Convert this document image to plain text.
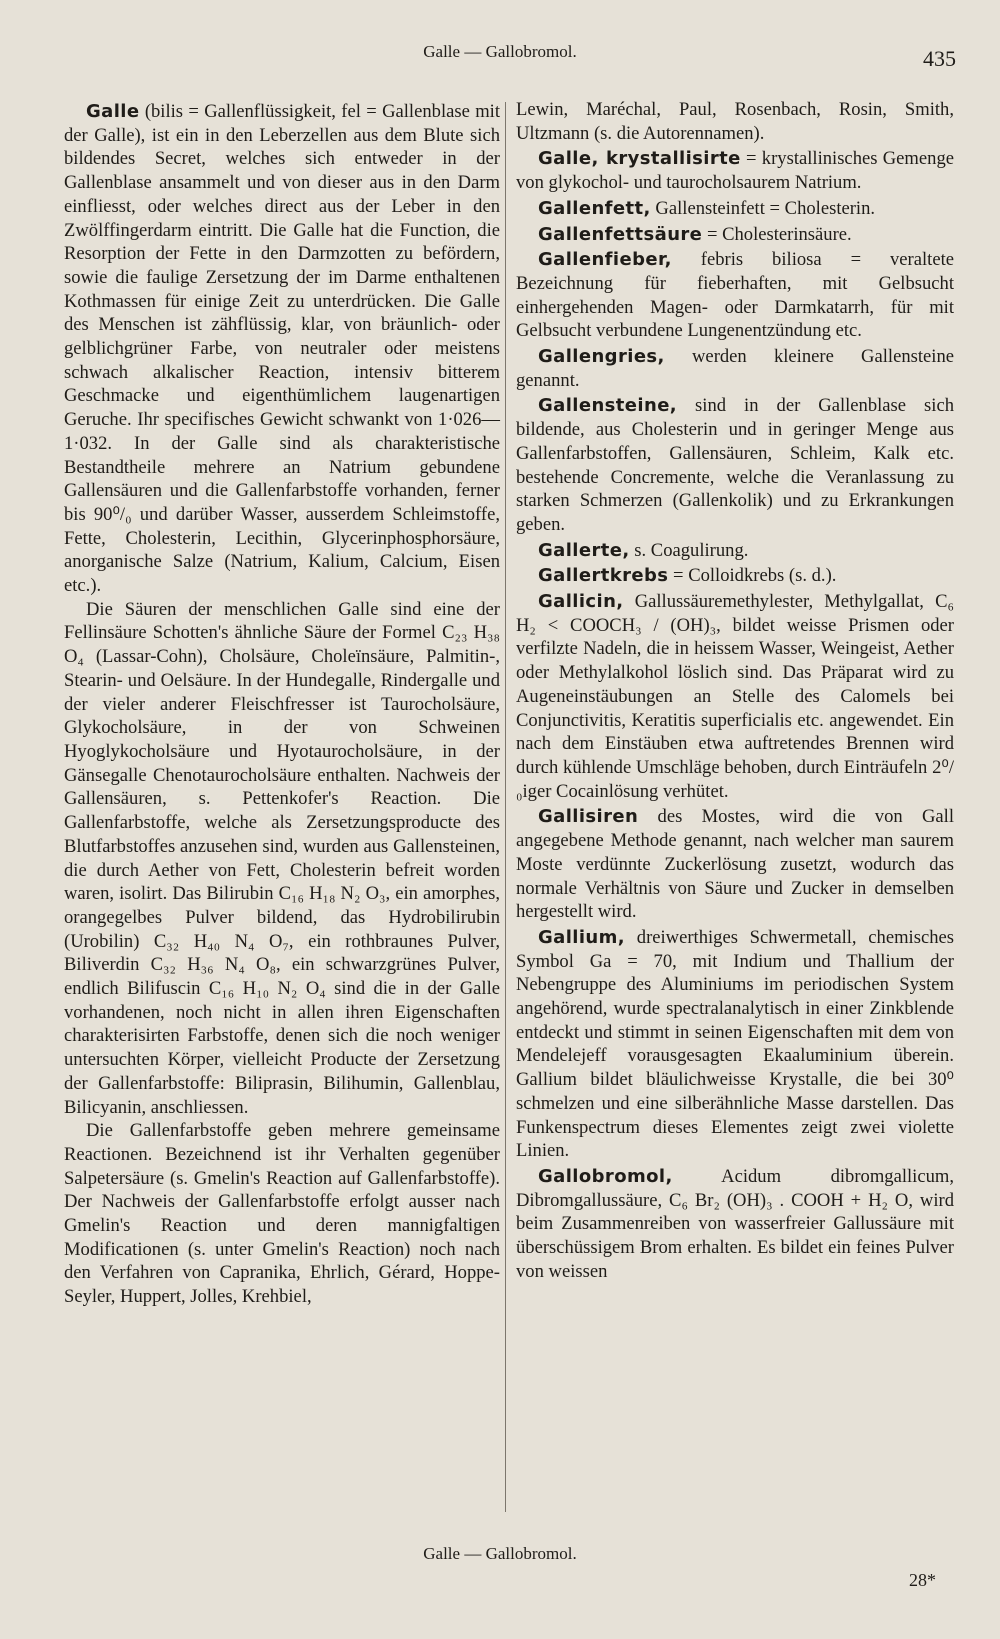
Galle — Gallobromol.	435

Galle (bilis = Gallenflüssigkeit, fel = Gallenblase mit der Galle), ist ein in den Leberzellen aus dem Blute sich bildendes Secret, welches sich entweder in der Gallenblase ansammelt und von dieser aus in den Darm einfliesst, oder welches direct aus der Leber in den Zwölffingerdarm eintritt. Die Galle hat die Function, die Resorption der Fette in den Darmzotten zu befördern, sowie die faulige Zersetzung der im Darme enthaltenen Kothmassen für einige Zeit zu unterdrücken. Die Galle des Menschen ist zähflüssig, klar, von bräunlich- oder gelblichgrüner Farbe, von neutraler oder meistens schwach alkalischer Reaction, intensiv bitterem Geschmacke und eigenthümlichem laugenartigen Geruche. Ihr specifisches Gewicht schwankt von 1·026—1·032. In der Galle sind als charakteristische Bestandtheile mehrere an Natrium gebundene Gallensäuren und die Gallenfarbstoffe vorhanden, ferner bis 90⁰/₀ und darüber Wasser, ausserdem Schleimstoffe, Fette, Cholesterin, Lecithin, Glycerinphosphorsäure, anorganische Salze (Natrium, Kalium, Calcium, Eisen etc.).

Die Säuren der menschlichen Galle sind eine der Fellinsäure Schotten's ähnliche Säure der Formel C₂₃ H₃₈ O₄ (Lassar-Cohn), Cholsäure, Choleïnsäure, Palmitin-, Stearin- und Oelsäure. In der Hundegalle, Rindergalle und der vieler anderer Fleischfresser ist Taurocholsäure, Glykocholsäure, in der von Schweinen Hyoglykocholsäure und Hyotaurocholsäure, in der Gänsegalle Chenotaurocholsäure enthalten. Nachweis der Gallensäuren, s. Pettenkofer's Reaction. Die Gallenfarbstoffe, welche als Zersetzungsproducte des Blutfarbstoffes anzusehen sind, wurden aus Gallensteinen, die durch Aether von Fett, Cholesterin befreit worden waren, isolirt. Das Bilirubin C₁₆ H₁₈ N₂ O₃, ein amorphes, orangegelbes Pulver bildend, das Hydrobilirubin (Urobilin) C₃₂ H₄₀ N₄ O₇, ein rothbraunes Pulver, Biliverdin C₃₂ H₃₆ N₄ O₈, ein schwarzgrünes Pulver, endlich Bilifuscin C₁₆ H₁₀ N₂ O₄ sind die in der Galle vorhandenen, noch nicht in allen ihren Eigenschaften charakterisirten Farbstoffe, denen sich die noch weniger untersuchten Körper, vielleicht Producte der Zersetzung der Gallenfarbstoffe: Biliprasin, Bilihumin, Gallenblau, Bilicyanin, anschliessen.

Die Gallenfarbstoffe geben mehrere gemeinsame Reactionen. Bezeichnend ist ihr Verhalten gegenüber Salpetersäure (s. Gmelin's Reaction auf Gallenfarbstoffe). Der Nachweis der Gallenfarbstoffe erfolgt ausser nach Gmelin's Reaction und deren mannigfaltigen Modificationen (s. unter Gmelin's Reaction) noch nach den Verfahren von Capranika, Ehrlich, Gérard, Hoppe-Seyler, Huppert, Jolles, Krehbiel,

Lewin, Maréchal, Paul, Rosenbach, Rosin, Smith, Ultzmann (s. die Autorennamen).

Galle, krystallisirte = krystallinisches Gemenge von glykochol- und taurocholsaurem Natrium.

Gallenfett, Gallensteinfett = Cholesterin.

Gallenfettsäure = Cholesterinsäure.

Gallenfieber, febris biliosa = veraltete Bezeichnung für fieberhaften, mit Gelbsucht einhergehenden Magen- oder Darmkatarrh, für mit Gelbsucht verbundene Lungenentzündung etc.

Gallengries, werden kleinere Gallensteine genannt.

Gallensteine, sind in der Gallenblase sich bildende, aus Cholesterin und in geringer Menge aus Gallenfarbstoffen, Gallensäuren, Schleim, Kalk etc. bestehende Concremente, welche die Veranlassung zu starken Schmerzen (Gallenkolik) und zu Erkrankungen geben.

Gallerte, s. Coagulirung.

Gallertkrebs = Colloidkrebs (s. d.).

Gallicin, Gallussäuremethylester, Methylgallat, C₆ H₂ < COOCH₃ / (OH)₃, bildet weisse Prismen oder verfilzte Nadeln, die in heissem Wasser, Weingeist, Aether oder Methylalkohol löslich sind. Das Präparat wird zu Augeneinstäubungen an Stelle des Calomels bei Conjunctivitis, Keratitis superficialis etc. angewendet. Ein nach dem Einstäuben etwa auftretendes Brennen wird durch kühlende Umschläge behoben, durch Einträufeln 2⁰/₀iger Cocainlösung verhütet.

Gallisiren des Mostes, wird die von Gall angegebene Methode genannt, nach welcher man saurem Moste verdünnte Zuckerlösung zusetzt, wodurch das normale Verhältnis von Säure und Zucker in demselben hergestellt wird.

Gallium, dreiwerthiges Schwermetall, chemisches Symbol Ga = 70, mit Indium und Thallium der Nebengruppe des Aluminiums im periodischen System angehörend, wurde spectralanalytisch in einer Zinkblende entdeckt und stimmt in seinen Eigenschaften mit dem von Mendelejeff vorausgesagten Ekaaluminium überein. Gallium bildet bläulichweisse Krystalle, die bei 30⁰ schmelzen und eine silberähnliche Masse darstellen. Das Funkenspectrum dieses Elementes zeigt zwei violette Linien.

Gallobromol, Acidum dibromgallicum, Dibromgallussäure, C₆ Br₂ (OH)₃ . COOH + H₂ O, wird beim Zusammenreiben von wasserfreier Gallussäure mit überschüssigem Brom erhalten. Es bildet ein feines Pulver von weissen

Galle — Gallobromol.
28*
